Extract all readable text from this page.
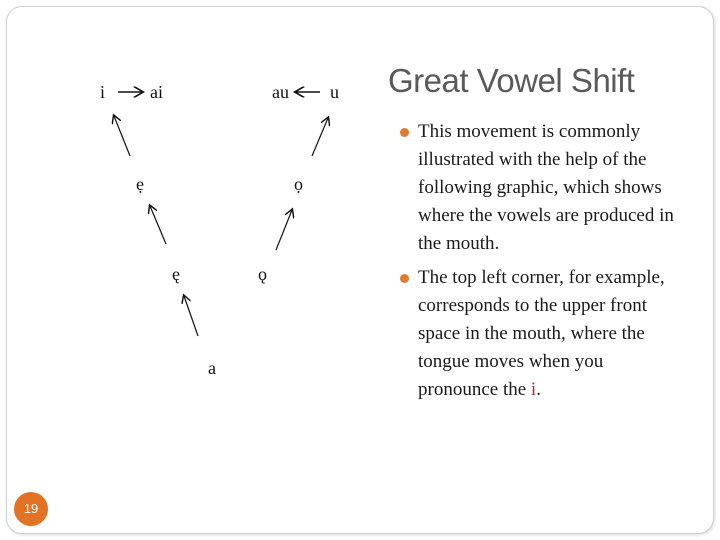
Great Vowel Shift
i ai	au u
ẹ	ọ
ę	ǫ
a
This movement is commonly illustrated with the help of the following graphic, which shows where the vowels are produced in the mouth.
The top left corner, for example, corresponds to the upper front space in the mouth, where the tongue moves when you pronounce the i.
19
